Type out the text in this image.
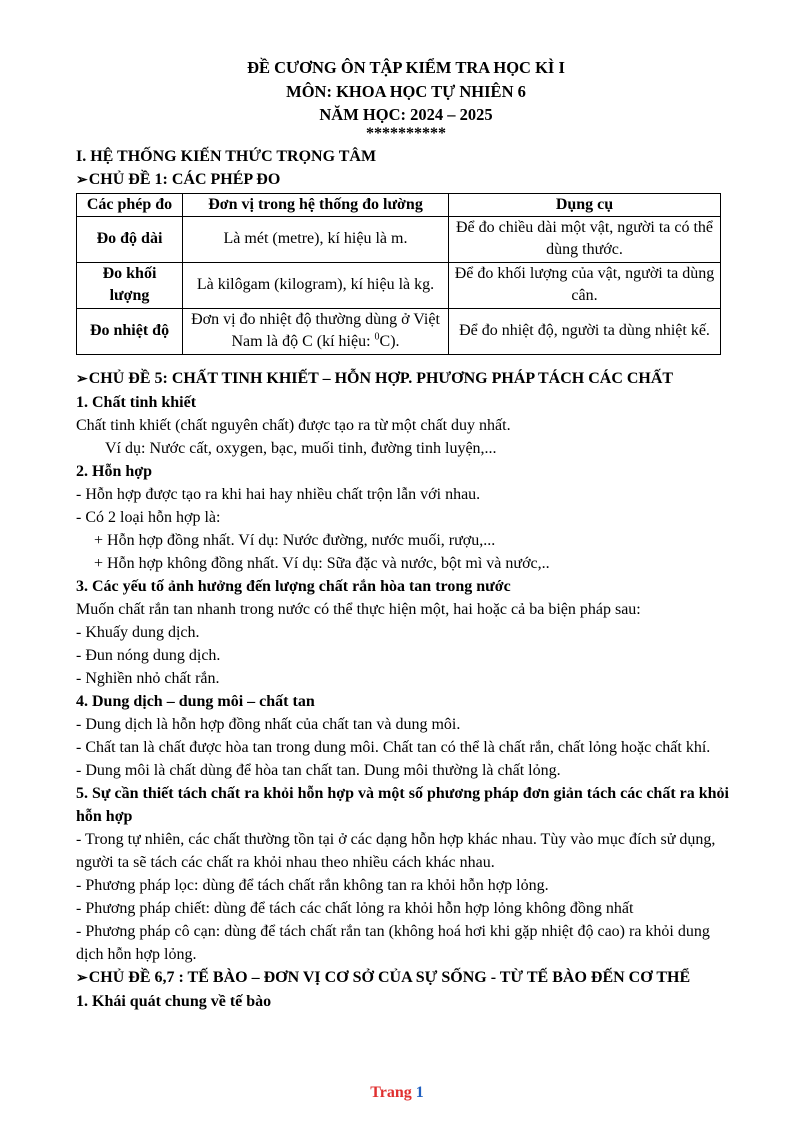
ĐỀ CƯƠNG ÔN TẬP KIỂM TRA HỌC KÌ I
MÔN: KHOA HỌC TỰ NHIÊN 6
NĂM HỌC: 2024 – 2025
**********
I. HỆ THỐNG KIẾN THỨC TRỌNG TÂM
➢CHỦ ĐỀ 1: CÁC PHÉP ĐO
Các phép đo	Đơn vị trong hệ thống đo lường	Dụng cụ
Đo độ dài	Là mét (metre), kí hiệu là m.	Để đo chiều dài một vật, người ta có thể dùng thước.
Đo khối lượng	Là kilôgam (kilogram), kí hiệu là kg.	Để đo khối lượng của vật, người ta dùng cân.
Đo nhiệt độ	Đơn vị đo nhiệt độ thường dùng ở Việt Nam là độ C (kí hiệu: $^0$C).	Để đo nhiệt độ, người ta dùng nhiệt kế.
➢CHỦ ĐỀ 5: CHẤT TINH KHIẾT – HỖN HỢP. PHƯƠNG PHÁP TÁCH CÁC CHẤT
1. Chất tinh khiết

Chất tinh khiết (chất nguyên chất) được tạo ra từ một chất duy nhất.

Ví dụ: Nước cất, oxygen, bạc, muối tinh, đường tinh luyện,...

2. Hỗn hợp

- Hỗn hợp được tạo ra khi hai hay nhiều chất trộn lẫn với nhau.

- Có 2 loại hỗn hợp là:

+ Hỗn hợp đồng nhất. Ví dụ: Nước đường, nước muối, rượu,...

+ Hỗn hợp không đồng nhất. Ví dụ: Sữa đặc và nước, bột mì và nước,..

3. Các yếu tố ảnh hưởng đến lượng chất rắn hòa tan trong nước

Muốn chất rắn tan nhanh trong nước có thể thực hiện một, hai hoặc cả ba biện pháp sau:

- Khuấy dung dịch.

- Đun nóng dung dịch.

- Nghiền nhỏ chất rắn.

4. Dung dịch – dung môi – chất tan

- Dung dịch là hỗn hợp đồng nhất của chất tan và dung môi.

- Chất tan là chất được hòa tan trong dung môi. Chất tan có thể là chất rắn, chất lỏng hoặc chất khí.

- Dung môi là chất dùng để hòa tan chất tan. Dung môi thường là chất lỏng.

5. Sự cần thiết tách chất ra khỏi hỗn hợp và một số phương pháp đơn giản tách các chất ra khỏi hỗn hợp

- Trong tự nhiên, các chất thường tồn tại ở các dạng hỗn hợp khác nhau. Tùy vào mục đích sử dụng, người ta sẽ tách các chất ra khỏi nhau theo nhiều cách khác nhau.

- Phương pháp lọc: dùng để tách chất rắn không tan ra khỏi hỗn hợp lỏng.

- Phương pháp chiết: dùng để tách các chất lỏng ra khỏi hỗn hợp lỏng không đồng nhất

- Phương pháp cô cạn: dùng để tách chất rắn tan (không hoá hơi khi gặp nhiệt độ cao) ra khỏi dung dịch hỗn hợp lỏng.

➢CHỦ ĐỀ 6,7 : TẾ BÀO – ĐƠN VỊ CƠ SỞ CỦA SỰ SỐNG - TỪ TẾ BÀO ĐẾN CƠ THỂ
1. Khái quát chung về tế bào
Trang 1
